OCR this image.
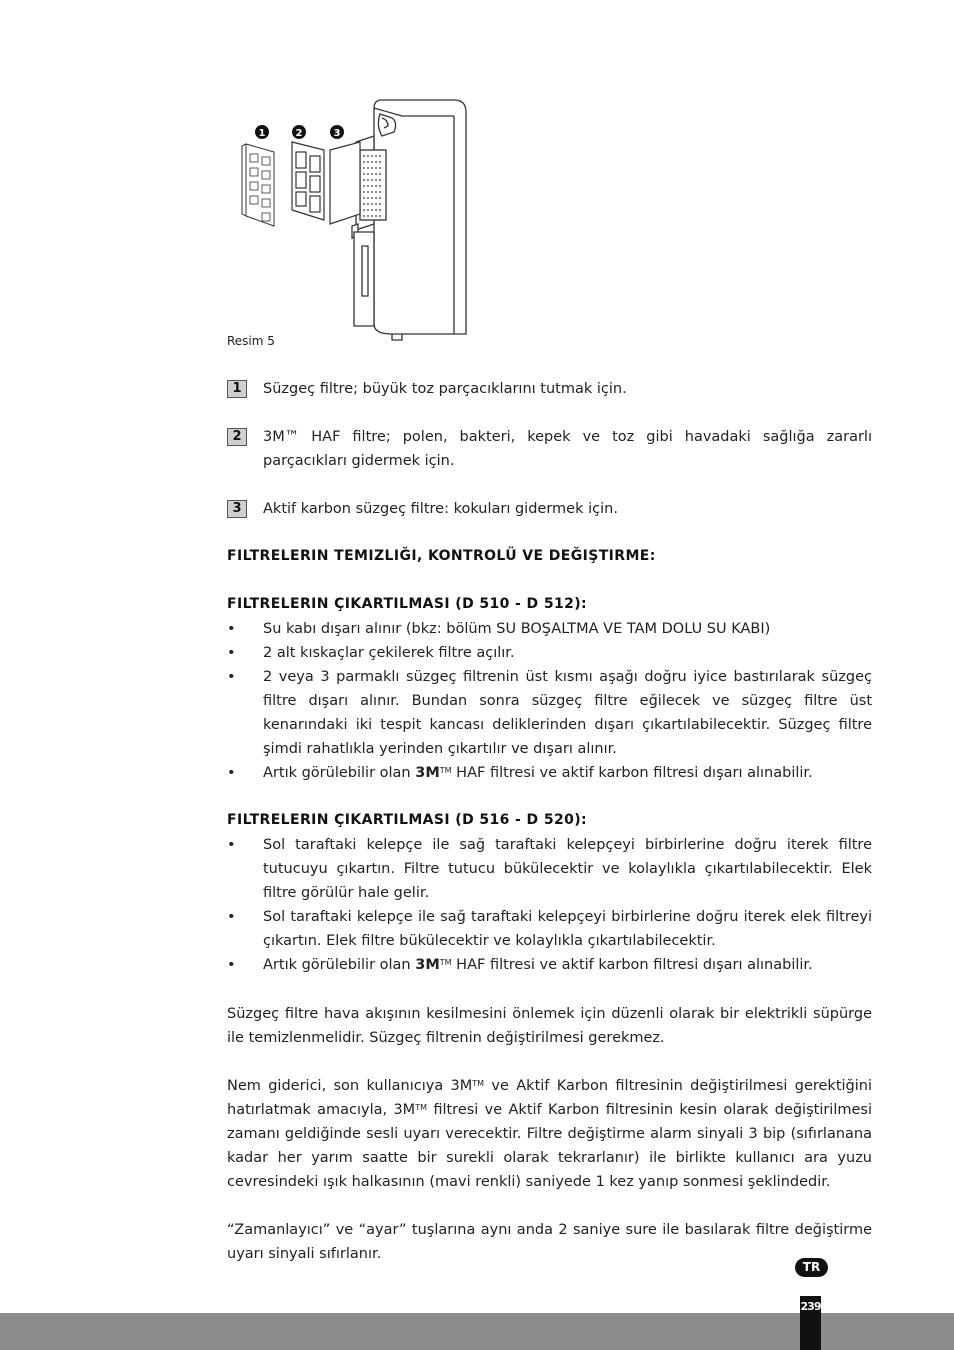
1	2	3
Resim 5
1	Süzgeç filtre; büyük toz parçacıklarını tutmak için.
2	3M™ HAF filtre; polen, bakteri, kepek ve toz gibi havadaki sağlığa zararlı parçacıkları gidermek için.
3	Aktif karbon süzgeç filtre: kokuları gidermek için.
FILTRELERIN TEMIZLIĞI, KONTROLÜ VE DEĞIŞTIRME:
FILTRELERIN ÇIKARTILMASI (D 510 - D 512):
• Su kabı dışarı alınır (bkz: bölüm SU BOŞALTMA VE TAM DOLU SU KABI)
• 2 alt kıskaçlar çekilerek filtre açılır.
• 2 veya 3 parmaklı süzgeç filtrenin üst kısmı aşağı doğru iyice bastırılarak süzgeç filtre dışarı alınır. Bundan sonra süzgeç filtre eğilecek ve süzgeç filtre üst kenarındaki iki tespit kancası deliklerinden dışarı çıkartılabilecektir. Süzgeç filtre şimdi rahatlıkla yerinden çıkartılır ve dışarı alınır.
• Artık görülebilir olan 3M™ HAF filtresi ve aktif karbon filtresi dışarı alınabilir.
FILTRELERIN ÇIKARTILMASI (D 516 - D 520):
• Sol taraftaki kelepçe ile sağ taraftaki kelepçeyi birbirlerine doğru iterek filtre tutucuyu çıkartın. Filtre tutucu bükülecektir ve kolaylıkla çıkartılabilecektir. Elek filtre görülür hale gelir.
• Sol taraftaki kelepçe ile sağ taraftaki kelepçeyi birbirlerine doğru iterek elek filtreyi çıkartın. Elek filtre bükülecektir ve kolaylıkla çıkartılabilecektir.
• Artık görülebilir olan 3M™ HAF filtresi ve aktif karbon filtresi dışarı alınabilir.
Süzgeç filtre hava akışının kesilmesini önlemek için düzenli olarak bir elektrikli süpürge ile temizlenmelidir. Süzgeç filtrenin değiştirilmesi gerekmez.
Nem giderici, son kullanıcıya 3M™ ve Aktif Karbon filtresinin değiştirilmesi gerektiğini hatırlatmak amacıyla, 3M™ filtresi ve Aktif Karbon filtresinin kesin olarak değiştirilmesi zamanı geldiğinde sesli uyarı verecektir. Filtre değiştirme alarm sinyali 3 bip (sıfırlanana kadar her yarım saatte bir surekli olarak tekrarlanır) ile birlikte kullanıcı ara yuzu cevresindeki ışık halkasının (mavi renkli) saniyede 1 kez yanıp sonmesi şeklindedir.
“Zamanlayıcı” ve “ayar” tuşlarına aynı anda 2 saniye sure ile basılarak filtre değiştirme uyarı sinyali sıfırlanır.
TR
239
